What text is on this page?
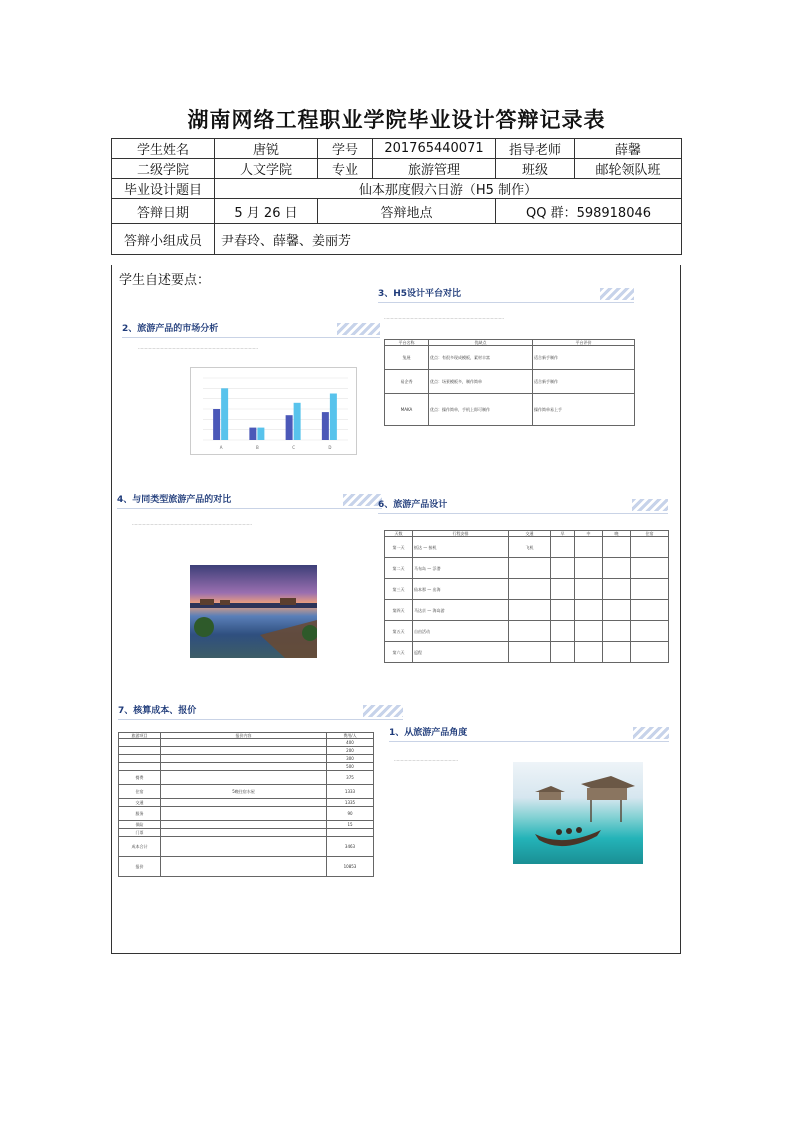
湖南网络工程职业学院毕业设计答辩记录表
学生姓名	唐锐	学号	201765440071	指导老师	薛馨
二级学院	人文学院	专业	旅游管理	班级	邮轮领队班
毕业设计题目	仙本那度假六日游（H5 制作）				
答辩日期	5 月 26 日	答辩地点		QQ 群：598918046	
答辩小组成员	尹春玲、薛馨、姜丽芳				
学生自述要点：
3、H5设计平台对比
………………………………………………………………………………
平台名称	优缺点	平台评价
兔展	优点：有很多现成模板，素材丰富	适合新手制作
易企秀	优点：场景模板多，制作简单	适合新手制作
MAKA	优点：操作简单，手机上即可制作	操作简单易上手
2、旅游产品的市场分析
………………………………………………………………………………
A	B	C	D
4、与同类型旅游产品的对比
………………………………………………………………………………
6、旅游产品设计
天数	行程安排	交通	早	中	晚	住宿
第一天	抵达 — 接机	飞机				
第二天	马布岛 — 浮潜					
第三天	仙本那 — 出海					
第四天	马达京 — 海岛游					
第五天	自由活动					
第六天	返程					
7、核算成本、报价
旅游项目	报价内容	费用/人
		400
		200
		300
		500
餐费		375
住宿	5晚住宿水屋	1333
交通		1335
服务		90
保险		15
门票		
成本合计		3463
报价		10853
1、从旅游产品角度
…………………………………………
